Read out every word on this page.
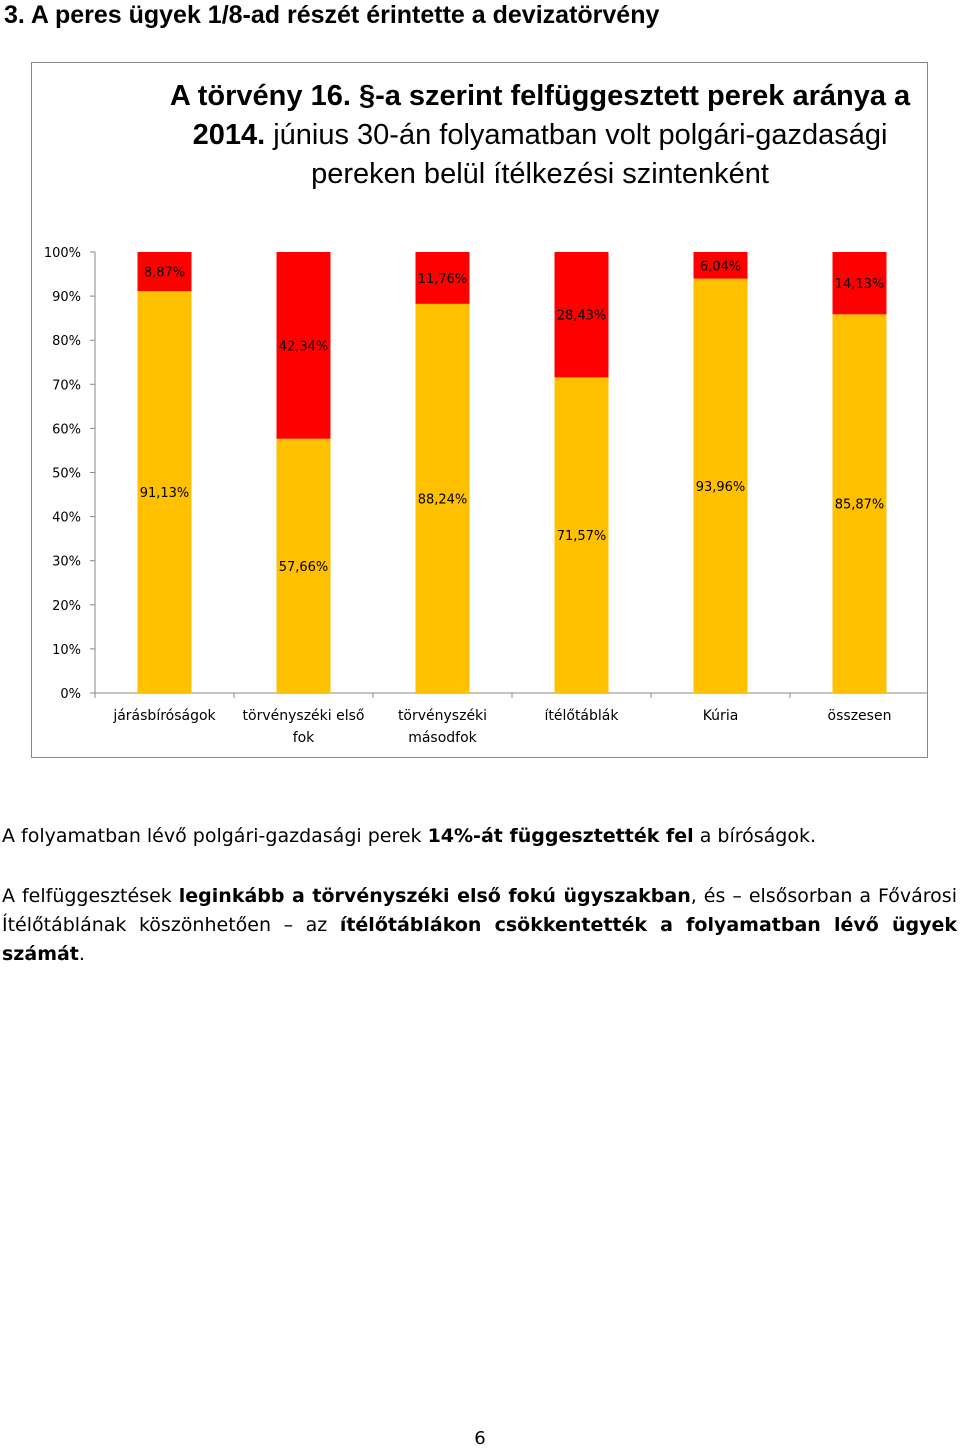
3. A peres ügyek 1/8-ad részét érintette a devizatörvény
A törvény 16. §-a szerint felfüggesztett perek aránya a 2014. június 30-án folyamatban volt polgári-gazdasági pereken belül ítélkezési szintenként
0%
10%
20%
30%
40%
50%
60%
70%
80%
90%
100%
91,13%
8,87%
57,66%
42,34%
88,24%
11,76%
71,57%
28,43%
93,96%
6,04%
85,87%
14,13%
járásbíróságok	törvényszéki első fok
törvényszéki másodfok
ítélőtáblák	Kúria	összesen
A folyamatban lévő polgári-gazdasági perek 14%-át függesztették fel a bíróságok.
A felfüggesztések leginkább a törvényszéki első fokú ügyszakban, és – elsősorban a Fővárosi Ítélőtáblának köszönhetően – az ítélőtáblákon csökkentették a folyamatban lévő ügyek számát.
6
